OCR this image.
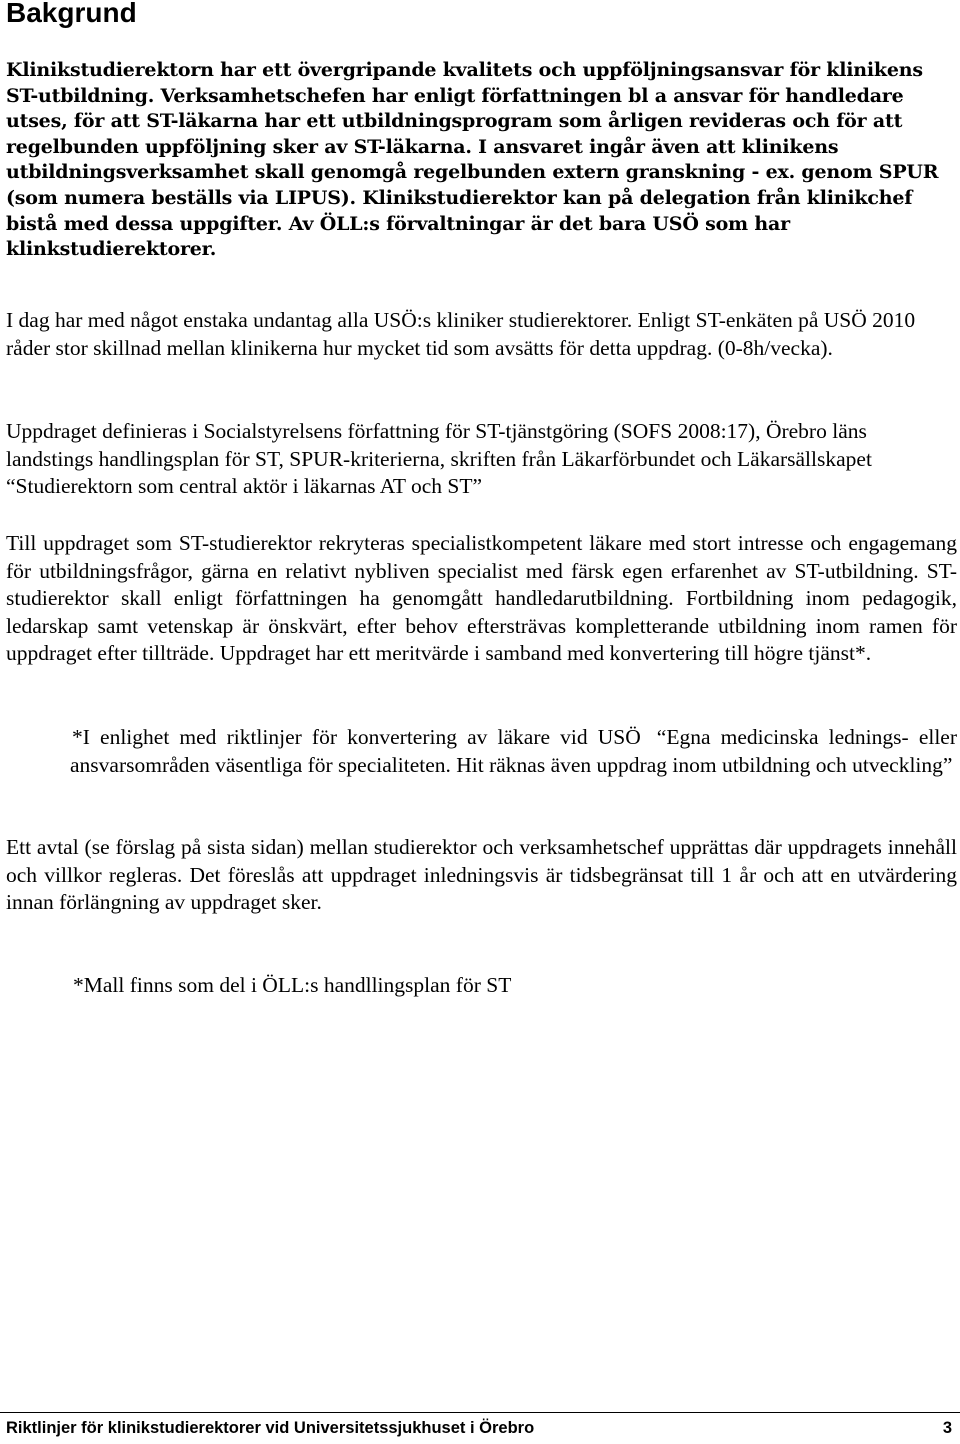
Bakgrund

Klinikstudierektorn har ett övergripande kvalitets och uppföljningsansvar för klinikens ST-utbildning. Verksamhetschefen har enligt författningen bl a ansvar för handledare utses, för att ST-läkarna har ett utbildningsprogram som årligen revideras och för att regelbunden uppföljning sker av ST-läkarna. I ansvaret ingår även att klinikens utbildningsverksamhet skall genomgå regelbunden extern granskning - ex. genom SPUR (som numera beställs via LIPUS). Klinikstudierektor kan på delegation från klinikchef bistå med dessa uppgifter. Av ÖLL:s förvaltningar är det bara USÖ som har klinkstudierektorer.

I dag har med något enstaka undantag alla USÖ:s kliniker studierektorer. Enligt ST-enkäten på USÖ 2010 råder stor skillnad mellan klinikerna hur mycket tid som avsätts för detta uppdrag. (0-8h/vecka).

Uppdraget definieras i Socialstyrelsens författning för ST-tjänstgöring (SOFS 2008:17), Örebro läns landstings handlingsplan för ST, SPUR-kriterierna, skriften från Läkarförbundet och Läkarsällskapet “Studierektorn som central aktör i läkarnas AT och ST”

Till uppdraget som ST-studierektor rekryteras specialistkompetent läkare med stort intresse och engagemang för utbildningsfrågor, gärna en relativt nybliven specialist med färsk egen erfarenhet av ST-utbildning. ST-studierektor skall enligt författningen ha genomgått handledarutbildning. Fortbildning inom pedagogik, ledarskap samt vetenskap är önskvärt, efter behov eftersträvas kompletterande utbildning inom ramen för uppdraget efter tillträde. Uppdraget har ett meritvärde i samband med konvertering till högre tjänst*.

*I enlighet med riktlinjer för konvertering av läkare vid USÖ “Egna medicinska lednings- elleransvarsområden väsentliga för specialiteten. Hit räknas även uppdrag inom utbildning och utveckling”

Ett avtal (se förslag på sista sidan) mellan studierektor och verksamhetschef upprättas där uppdragets innehåll och villkor regleras. Det föreslås att uppdraget inledningsvis är tidsbegränsat till 1 år och att en utvärdering innan förlängning av uppdraget sker.

*Mall finns som del i ÖLL:s handllingsplan för ST

Riktlinjer för klinikstudierektorer vid Universitetssjukhuset i Örebro	3
